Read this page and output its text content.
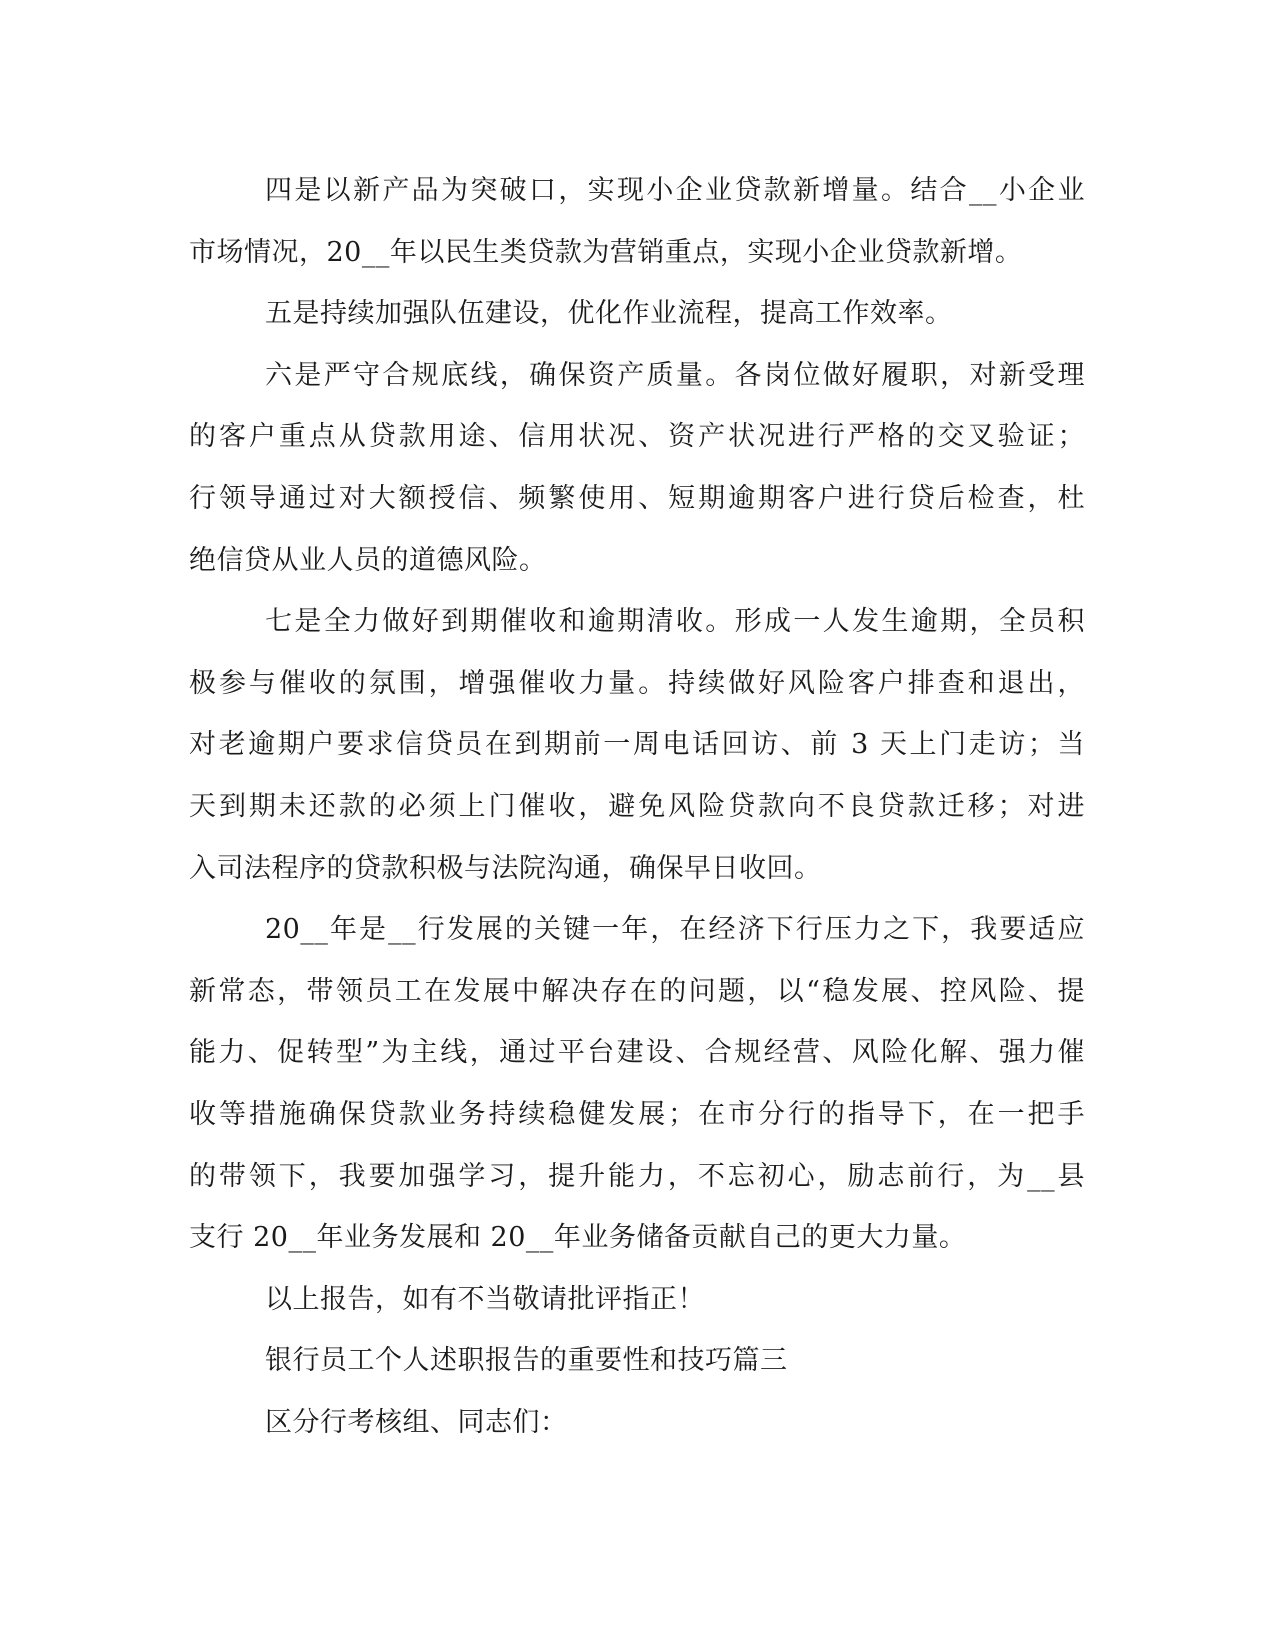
四是以新产品为突破口，实现小企业贷款新增量。结合__小企业
市场情况，20__年以民生类贷款为营销重点，实现小企业贷款新增。
五是持续加强队伍建设，优化作业流程，提高工作效率。
六是严守合规底线，确保资产质量。各岗位做好履职，对新受理
的客户重点从贷款用途、信用状况、资产状况进行严格的交叉验证；
行领导通过对大额授信、频繁使用、短期逾期客户进行贷后检查，杜
绝信贷从业人员的道德风险。
七是全力做好到期催收和逾期清收。形成一人发生逾期，全员积
极参与催收的氛围，增强催收力量。持续做好风险客户排查和退出，
对老逾期户要求信贷员在到期前一周电话回访、前 3 天上门走访；当
天到期未还款的必须上门催收，避免风险贷款向不良贷款迁移；对进
入司法程序的贷款积极与法院沟通，确保早日收回。
20__年是__行发展的关键一年，在经济下行压力之下，我要适应
新常态，带领员工在发展中解决存在的问题，以“稳发展、控风险、提
能力、促转型”为主线，通过平台建设、合规经营、风险化解、强力催
收等措施确保贷款业务持续稳健发展；在市分行的指导下，在一把手
的带领下，我要加强学习，提升能力，不忘初心，励志前行，为__县
支行 20__年业务发展和 20__年业务储备贡献自己的更大力量。
以上报告，如有不当敬请批评指正！
银行员工个人述职报告的重要性和技巧篇三
区分行考核组、同志们：
